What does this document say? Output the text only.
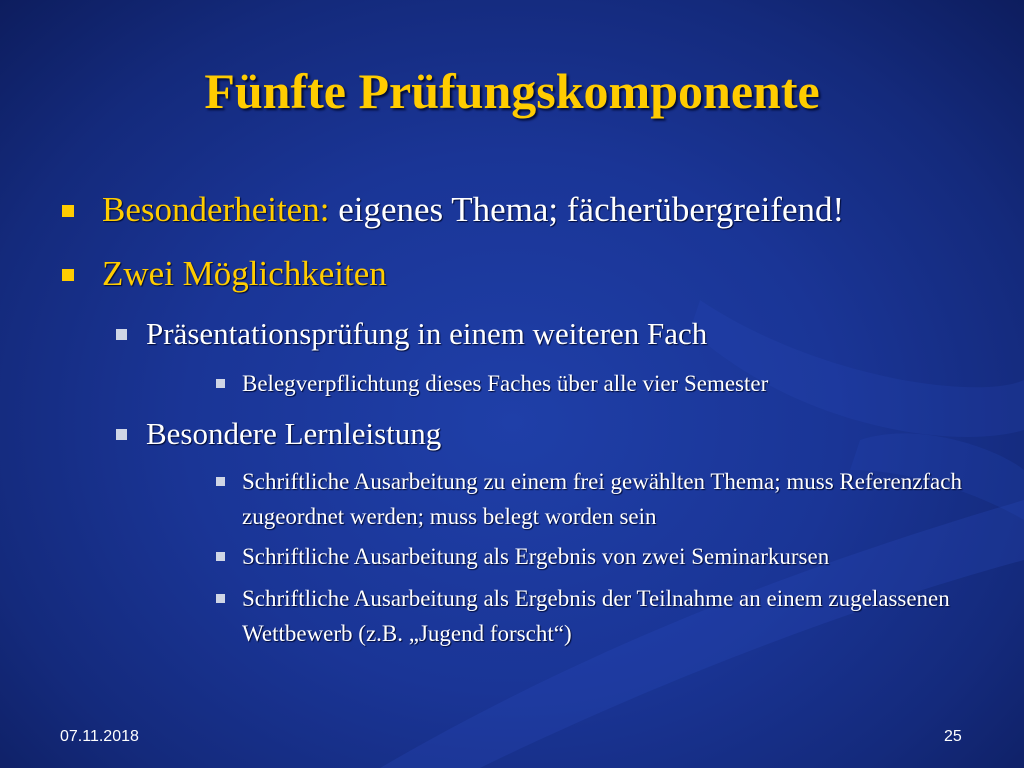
Fünfte Prüfungskomponente
Besonderheiten: eigenes Thema; fächerübergreifend!
Zwei Möglichkeiten
Präsentationsprüfung in einem weiteren Fach
Belegverpflichtung dieses Faches über alle vier Semester
Besondere Lernleistung
Schriftliche Ausarbeitung zu einem frei gewählten Thema; muss Referenzfach zugeordnet werden; muss belegt worden sein
Schriftliche Ausarbeitung als Ergebnis von zwei Seminarkursen
Schriftliche Ausarbeitung als Ergebnis der Teilnahme an einem zugelassenen Wettbewerb (z.B. „Jugend forscht“)
07.11.2018	25
